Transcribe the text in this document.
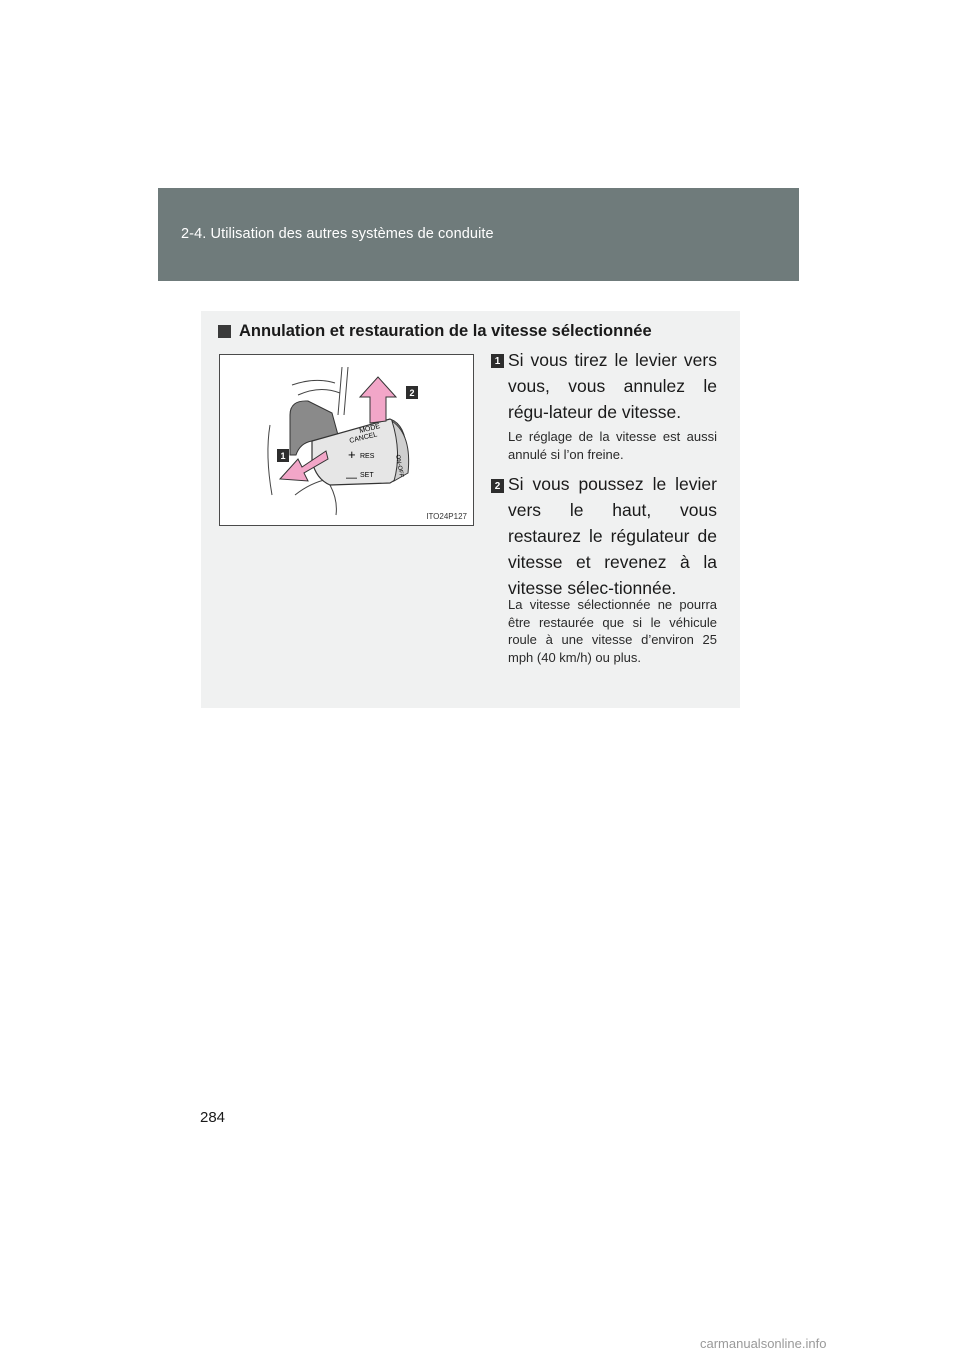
2-4. Utilisation des autres systèmes de conduite
Annulation et restauration de la vitesse sélectionnée
MODE
CANCEL
+ RES
— SET	ON-OFF
2
1
ITO24P127
1 Si vous tirez le levier vers vous, vous annulez le régu-lateur de vitesse.
Le réglage de la vitesse est aussi annulé si l’on freine.
2 Si vous poussez le levier vers le haut, vous restaurez le régulateur de vitesse et revenez à la vitesse sélec-tionnée.
La vitesse sélectionnée ne pourra être restaurée que si le véhicule roule à une vitesse d’environ 25 mph (40 km/h) ou plus.
284
carmanualsonline.info
